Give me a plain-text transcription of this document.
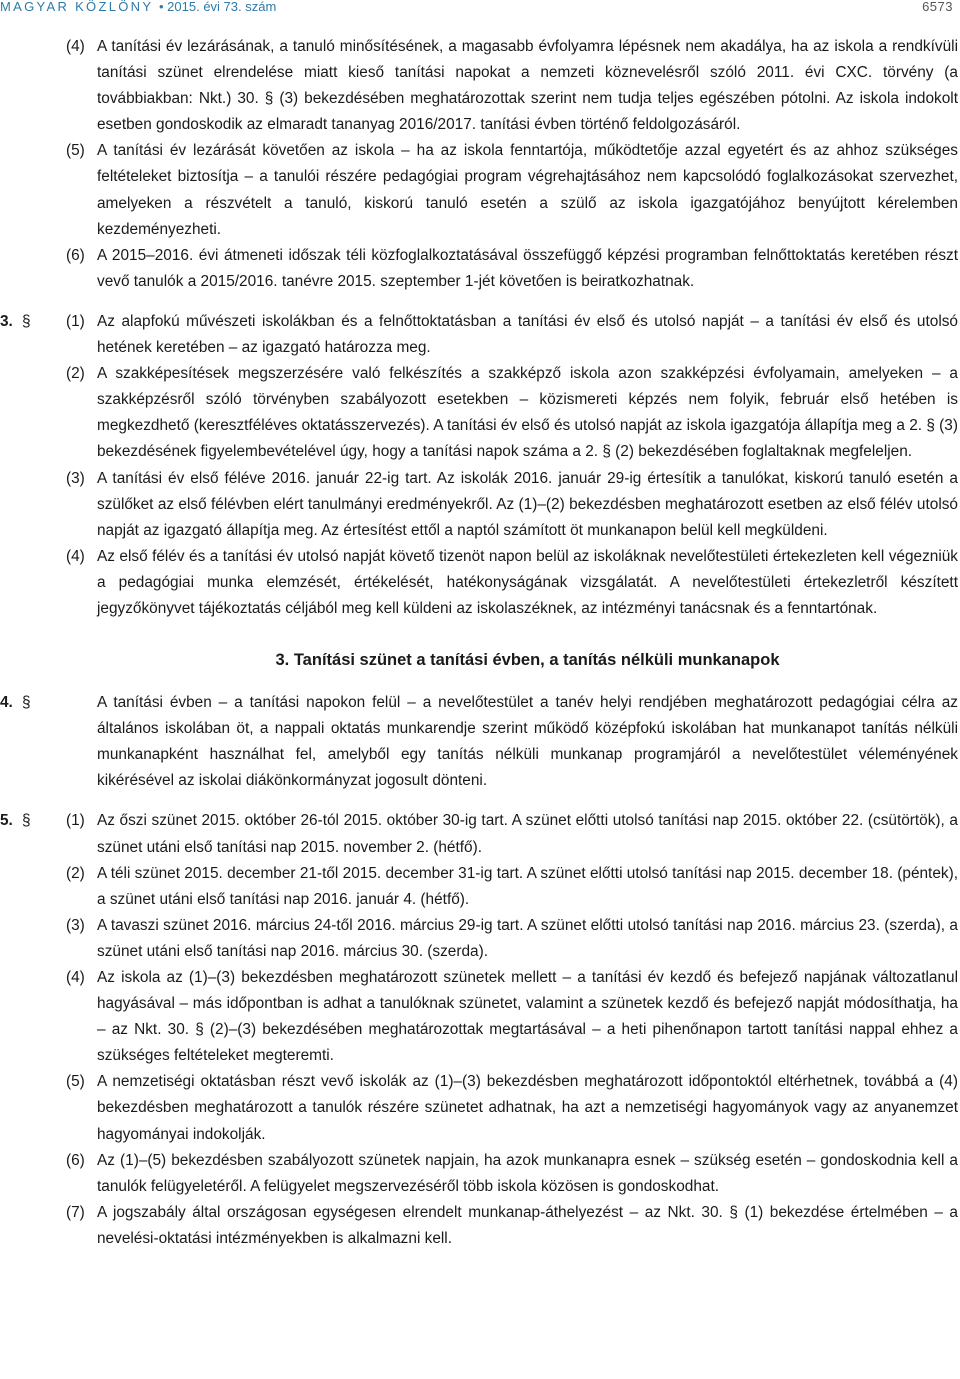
MAGYAR KÖZLÖNY • 2015. évi 73. szám	6573

(4) A tanítási év lezárásának, a tanuló minősítésének, a magasabb évfolyamra lépésnek nem akadálya, ha az iskola a rendkívüli tanítási szünet elrendelése miatt kieső tanítási napokat a nemzeti köznevelésről szóló 2011. évi CXC. törvény (a továbbiakban: Nkt.) 30. § (3) bekezdésében meghatározottak szerint nem tudja teljes egészében pótolni. Az iskola indokolt esetben gondoskodik az elmaradt tananyag 2016/2017. tanítási évben történő feldolgozásáról.

(5) A tanítási év lezárását követően az iskola – ha az iskola fenntartója, működtetője azzal egyetért és az ahhoz szükséges feltételeket biztosítja – a tanulói részére pedagógiai program végrehajtásához nem kapcsolódó foglalkozásokat szervezhet, amelyeken a részvételt a tanuló, kiskorú tanuló esetén a szülő az iskola igazgatójához benyújtott kérelemben kezdeményezheti.

(6) A 2015–2016. évi átmeneti időszak téli közfoglalkoztatásával összefüggő képzési programban felnőttoktatás keretében részt vevő tanulók a 2015/2016. tanévre 2015. szeptember 1-jét követően is beiratkozhatnak.

3. § (1) Az alapfokú művészeti iskolákban és a felnőttoktatásban a tanítási év első és utolsó napját – a tanítási év első és utolsó hetének keretében – az igazgató határozza meg.

(2) A szakképesítések megszerzésére való felkészítés a szakképző iskola azon szakképzési évfolyamain, amelyeken – a szakképzésről szóló törvényben szabályozott esetekben – közismereti képzés nem folyik, február első hetében is megkezdhető (keresztféléves oktatásszervezés). A tanítási év első és utolsó napját az iskola igazgatója állapítja meg a 2. § (3) bekezdésének figyelembevételével úgy, hogy a tanítási napok száma a 2. § (2) bekezdésében foglaltaknak megfeleljen.

(3) A tanítási év első féléve 2016. január 22-ig tart. Az iskolák 2016. január 29-ig értesítik a tanulókat, kiskorú tanuló esetén a szülőket az első félévben elért tanulmányi eredményekről. Az (1)–(2) bekezdésben meghatározott esetben az első félév utolsó napját az igazgató állapítja meg. Az értesítést ettől a naptól számított öt munkanapon belül kell megküldeni.

(4) Az első félév és a tanítási év utolsó napját követő tizenöt napon belül az iskoláknak nevelőtestületi értekezleten kell végezniük a pedagógiai munka elemzését, értékelését, hatékonyságának vizsgálatát. A nevelőtestületi értekezletről készített jegyzőkönyvet tájékoztatás céljából meg kell küldeni az iskolaszéknek, az intézményi tanácsnak és a fenntartónak.

3. Tanítási szünet a tanítási évben, a tanítás nélküli munkanapok
4. §	A tanítási évben – a tanítási napokon felül – a nevelőtestület a tanév helyi rendjében meghatározott pedagógiai célra az általános iskolában öt, a nappali oktatás munkarendje szerint működő középfokú iskolában hat munkanapot tanítás nélküli munkanapként használhat fel, amelyből egy tanítás nélküli munkanap programjáról a nevelőtestület véleményének kikérésével az iskolai diákönkormányzat jogosult dönteni.

5. § (1) Az őszi szünet 2015. október 26-tól 2015. október 30-ig tart. A szünet előtti utolsó tanítási nap 2015. október 22. (csütörtök), a szünet utáni első tanítási nap 2015. november 2. (hétfő).

(2) A téli szünet 2015. december 21-től 2015. december 31-ig tart. A szünet előtti utolsó tanítási nap 2015. december 18. (péntek), a szünet utáni első tanítási nap 2016. január 4. (hétfő).

(3) A tavaszi szünet 2016. március 24-től 2016. március 29-ig tart. A szünet előtti utolsó tanítási nap 2016. március 23. (szerda), a szünet utáni első tanítási nap 2016. március 30. (szerda).

(4) Az iskola az (1)–(3) bekezdésben meghatározott szünetek mellett – a tanítási év kezdő és befejező napjának változatlanul hagyásával – más időpontban is adhat a tanulóknak szünetet, valamint a szünetek kezdő és befejező napját módosíthatja, ha – az Nkt. 30. § (2)–(3) bekezdésében meghatározottak megtartásával – a heti pihenőnapon tartott tanítási nappal ehhez a szükséges feltételeket megteremti.

(5) A nemzetiségi oktatásban részt vevő iskolák az (1)–(3) bekezdésben meghatározott időpontoktól eltérhetnek, továbbá a (4) bekezdésben meghatározott a tanulók részére szünetet adhatnak, ha azt a nemzetiségi hagyományok vagy az anyanemzet hagyományai indokolják.

(6) Az (1)–(5) bekezdésben szabályozott szünetek napjain, ha azok munkanapra esnek – szükség esetén – gondoskodnia kell a tanulók felügyeletéről. A felügyelet megszervezéséről több iskola közösen is gondoskodhat.

(7) A jogszabály által országosan egységesen elrendelt munkanap-áthelyezést – az Nkt. 30. § (1) bekezdése értelmében – a nevelési-oktatási intézményekben is alkalmazni kell.
